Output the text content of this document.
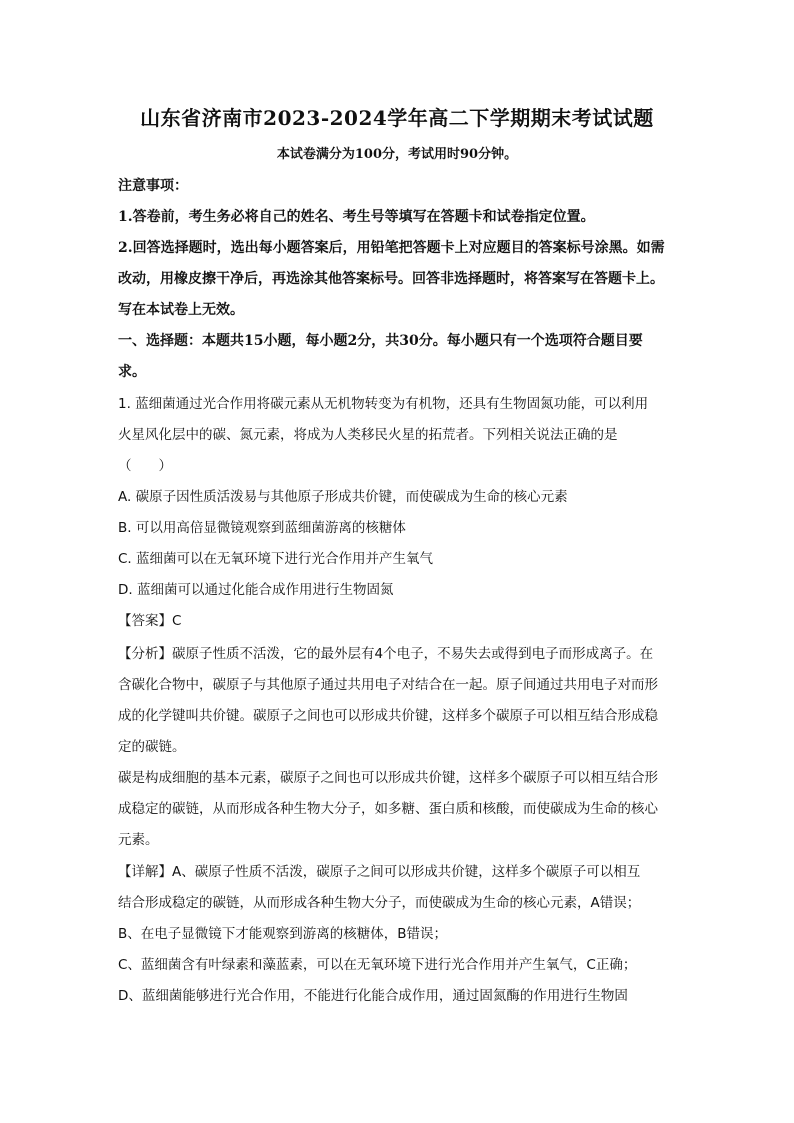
山东省济南市2023-2024学年高二下学期期末考试试题
本试卷满分为100分，考试用时90分钟。
注意事项：
1.答卷前，考生务必将自己的姓名、考生号等填写在答题卡和试卷指定位置。
2.回答选择题时，选出每小题答案后，用铅笔把答题卡上对应题目的答案标号涂黑。如需
改动，用橡皮擦干净后，再选涂其他答案标号。回答非选择题时，将答案写在答题卡上。
写在本试卷上无效。
一、选择题：本题共15小题，每小题2分，共30分。每小题只有一个选项符合题目要
求。
1. 蓝细菌通过光合作用将碳元素从无机物转变为有机物，还具有生物固氮功能，可以利用
火星风化层中的碳、氮元素，将成为人类移民火星的拓荒者。下列相关说法正确的是
（　　）
A. 碳原子因性质活泼易与其他原子形成共价键，而使碳成为生命的核心元素
B. 可以用高倍显微镜观察到蓝细菌游离的核糖体
C. 蓝细菌可以在无氧环境下进行光合作用并产生氧气
D. 蓝细菌可以通过化能合成作用进行生物固氮
【答案】C
【分析】碳原子性质不活泼，它的最外层有4个电子，不易失去或得到电子而形成离子。在
含碳化合物中，碳原子与其他原子通过共用电子对结合在一起。原子间通过共用电子对而形
成的化学键叫共价键。碳原子之间也可以形成共价键，这样多个碳原子可以相互结合形成稳
定的碳链。
碳是构成细胞的基本元素，碳原子之间也可以形成共价键，这样多个碳原子可以相互结合形
成稳定的碳链，从而形成各种生物大分子，如多糖、蛋白质和核酸，而使碳成为生命的核心
元素。
【详解】A、碳原子性质不活泼，碳原子之间可以形成共价键，这样多个碳原子可以相互
结合形成稳定的碳链，从而形成各种生物大分子，而使碳成为生命的核心元素，A错误；
B、在电子显微镜下才能观察到游离的核糖体，B错误；
C、蓝细菌含有叶绿素和藻蓝素，可以在无氧环境下进行光合作用并产生氧气，C正确；
D、蓝细菌能够进行光合作用，不能进行化能合成作用，通过固氮酶的作用进行生物固
